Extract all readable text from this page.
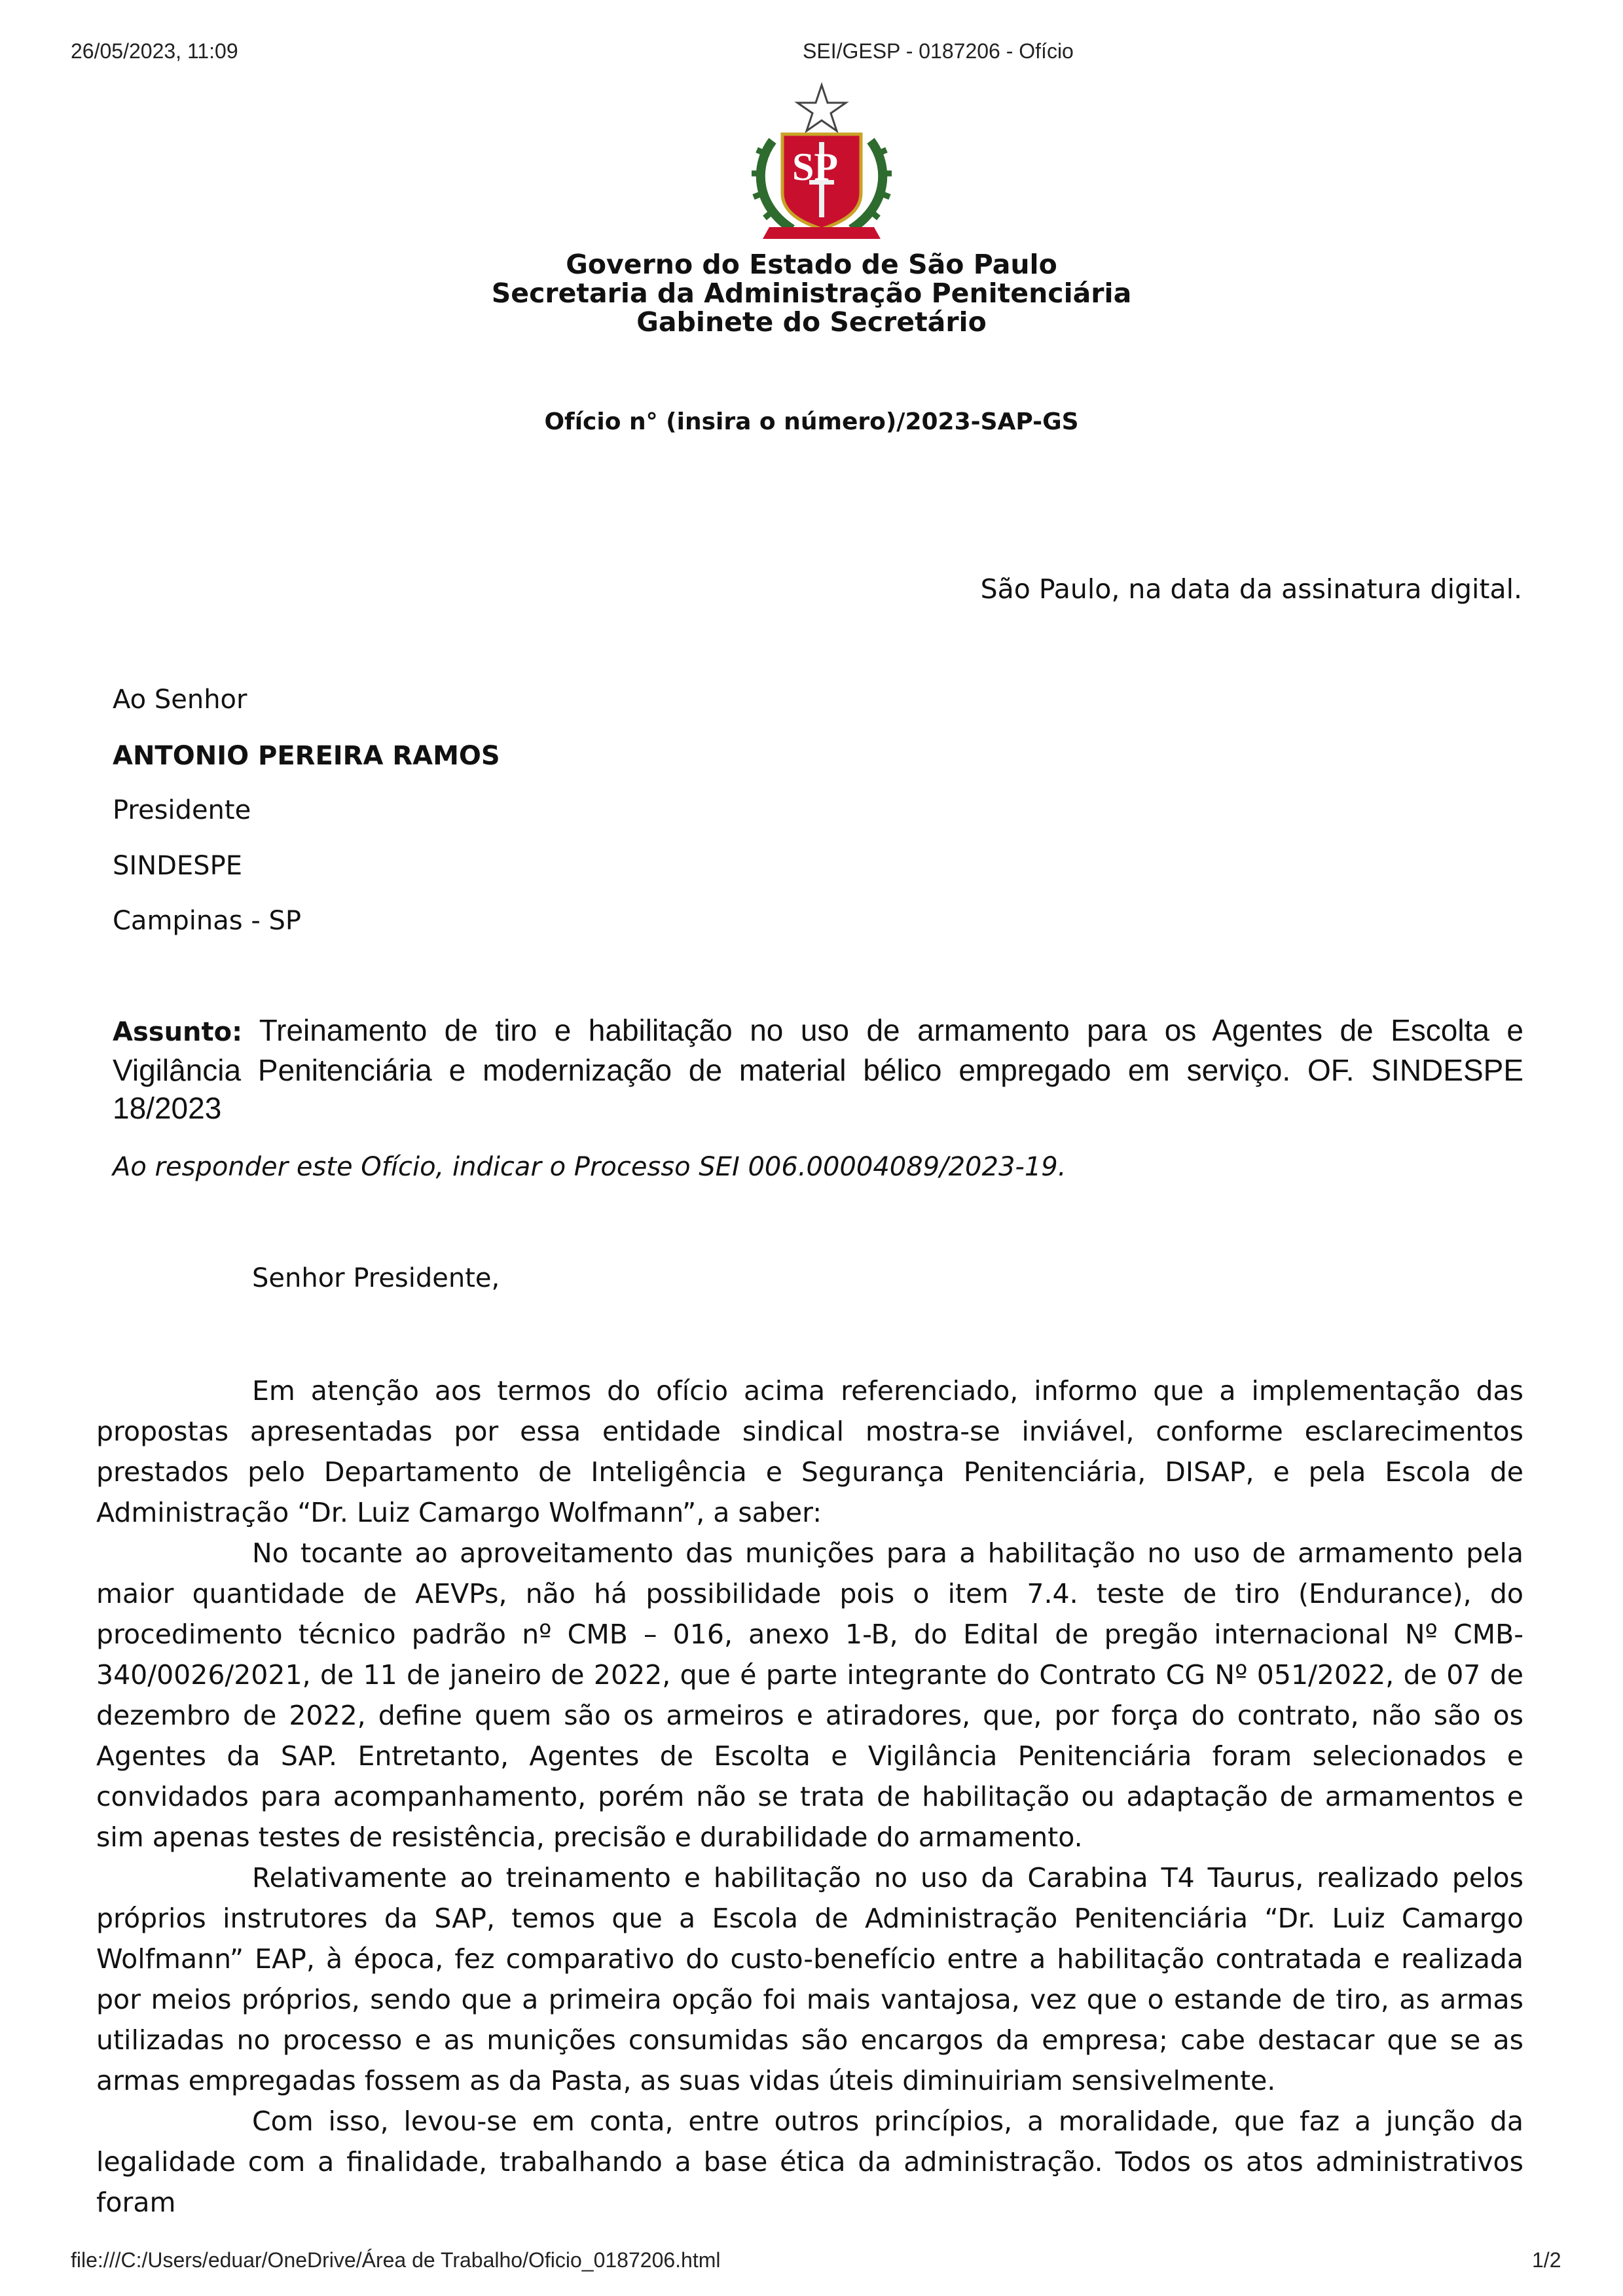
26/05/2023, 11:09	SEI/GESP - 0187206 - Ofício
SP
Governo do Estado de São Paulo
Secretaria da Administração Penitenciária
Gabinete do Secretário
Ofício n° (insira o número)/2023-SAP-GS
São Paulo, na data da assinatura digital.
Ao Senhor
ANTONIO PEREIRA RAMOS
Presidente
SINDESPE
Campinas - SP
Assunto: Treinamento de tiro e habilitação no uso de armamento para os Agentes de Escolta e Vigilância Penitenciária e modernização de material bélico empregado em serviço. OF. SINDESPE 18/2023
Ao responder este Ofício, indicar o Processo SEI 006.00004089/2023-19.
Senhor Presidente,

Em atenção aos termos do ofício acima referenciado, informo que a implementação das propostas apresentadas por essa entidade sindical mostra-se inviável, conforme esclarecimentos prestados pelo Departamento de Inteligência e Segurança Penitenciária, DISAP, e pela Escola de Administração “Dr. Luiz Camargo Wolfmann”, a saber:

No tocante ao aproveitamento das munições para a habilitação no uso de armamento pela maior quantidade de AEVPs, não há possibilidade pois o item 7.4. teste de tiro (Endurance), do procedimento técnico padrão nº CMB – 016, anexo 1-B, do Edital de pregão internacional Nº CMB-340/0026/2021, de 11 de janeiro de 2022, que é parte integrante do Contrato CG Nº 051/2022, de 07 de dezembro de 2022, define quem são os armeiros e atiradores, que, por força do contrato, não são os Agentes da SAP. Entretanto, Agentes de Escolta e Vigilância Penitenciária foram selecionados e convidados para acompanhamento, porém não se trata de habilitação ou adaptação de armamentos e sim apenas testes de resistência, precisão e durabilidade do armamento.

Relativamente ao treinamento e habilitação no uso da Carabina T4 Taurus, realizado pelos próprios instrutores da SAP, temos que a Escola de Administração Penitenciária “Dr. Luiz Camargo Wolfmann” EAP, à época, fez comparativo do custo-benefício entre a habilitação contratada e realizada por meios próprios, sendo que a primeira opção foi mais vantajosa, vez que o estande de tiro, as armas utilizadas no processo e as munições consumidas são encargos da empresa; cabe destacar que se as armas empregadas fossem as da Pasta, as suas vidas úteis diminuiriam sensivelmente.

Com isso, levou-se em conta, entre outros princípios, a moralidade, que faz a junção da legalidade com a finalidade, trabalhando a base ética da administração. Todos os atos administrativos foram

file:///C:/Users/eduar/OneDrive/Área de Trabalho/Oficio_0187206.html	1/2
